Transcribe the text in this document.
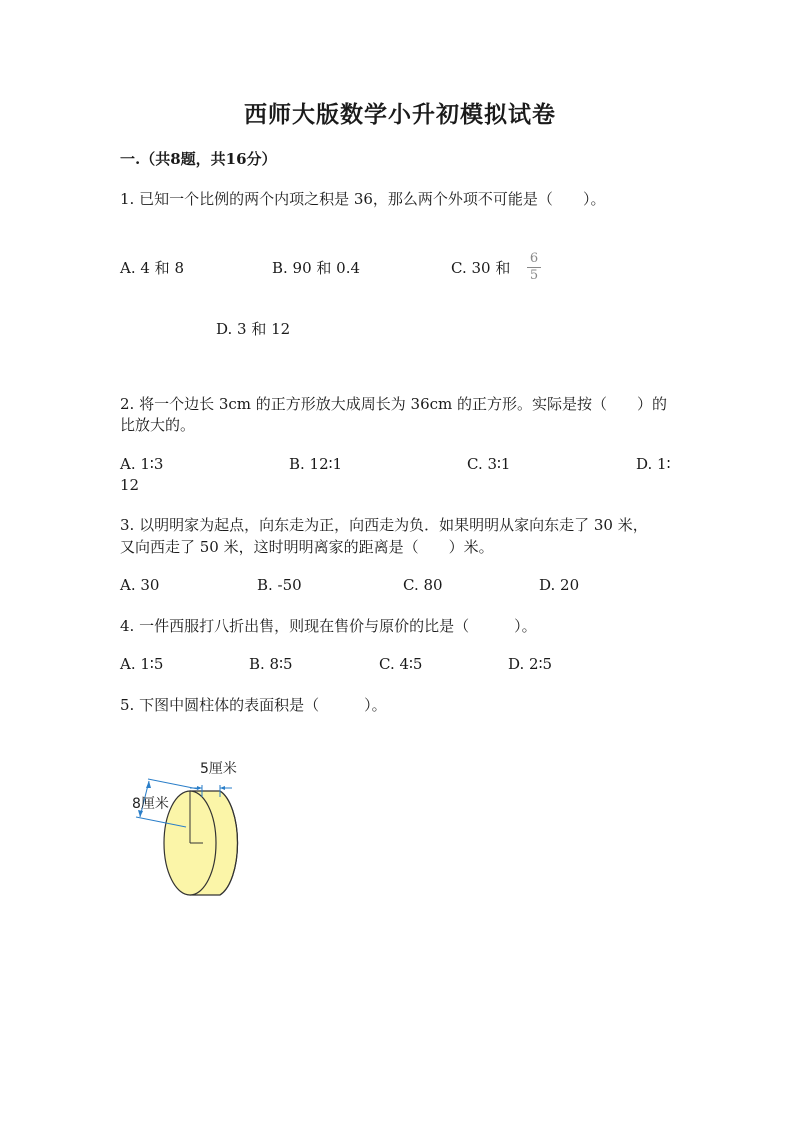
西师大版数学小升初模拟试卷
一.（共8题，共16分）
1. 已知一个比例的两个内项之积是 36，那么两个外项不可能是（　　）。
A. 4 和 8	B. 90 和 0.4	C. 30 和
6
5
D. 3 和 12
2. 将一个边长 3cm 的正方形放大成周长为 36cm 的正方形。实际是按（　　）的
比放大的。
A. 1∶3	B. 12∶1	C. 3∶1	D. 1∶
12
3. 以明明家为起点，向东走为正，向西走为负．如果明明从家向东走了 30 米，
又向西走了 50 米，这时明明离家的距离是（　　）米。
A. 30	B. -50	C. 80	D. 20
4. 一件西服打八折出售，则现在售价与原价的比是（　　　）。
A. 1∶5	B. 8∶5	C. 4∶5	D. 2∶5
5. 下图中圆柱体的表面积是（　　　）。
5厘米
8厘米
